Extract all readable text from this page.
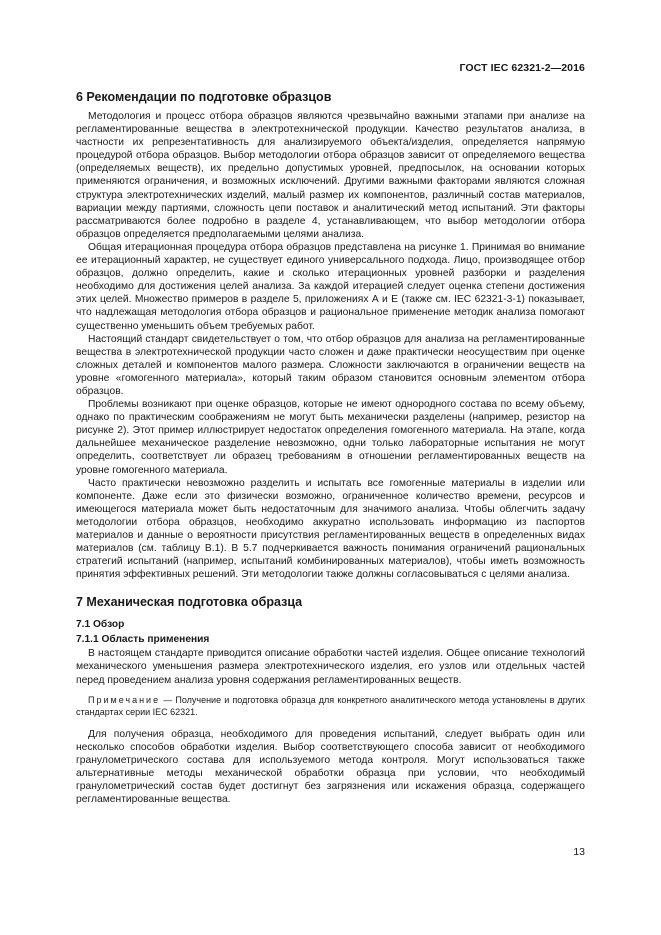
ГОСТ IEC 62321-2—2016
6 Рекомендации по подготовке образцов

Методология и процесс отбора образцов являются чрезвычайно важными этапами при анализе на регламентированные вещества в электротехнической продукции. Качество результатов анализа, в частности их репрезентативность для анализируемого объекта/изделия, определяется напрямую процедурой отбора образцов. Выбор методологии отбора образцов зависит от определяемого вещества (определяемых веществ), их предельно допустимых уровней, предпосылок, на основании которых применяются ограничения, и возможных исключений. Другими важными факторами являются сложная структура электротехнических изделий, малый размер их компонентов, различный состав материалов, вариации между партиями, сложность цепи поставок и аналитический метод испытаний. Эти факторы рассматриваются более подробно в разделе 4, устанавливающем, что выбор методологии отбора образцов определяется предполагаемыми целями анализа.

Общая итерационная процедура отбора образцов представлена на рисунке 1. Принимая во внимание ее итерационный характер, не существует единого универсального подхода. Лицо, производящее отбор образцов, должно определить, какие и сколько итерационных уровней разборки и разделения необходимо для достижения целей анализа. За каждой итерацией следует оценка степени достижения этих целей. Множество примеров в разделе 5, приложениях А и Е (также см. IEC 62321-3-1) показывает, что надлежащая методология отбора образцов и рациональное применение методик анализа помогают существенно уменьшить объем требуемых работ.

Настоящий стандарт свидетельствует о том, что отбор образцов для анализа на регламентированные вещества в электротехнической продукции часто сложен и даже практически неосуществим при оценке сложных деталей и компонентов малого размера. Сложности заключаются в ограничении веществ на уровне «гомогенного материала», который таким образом становится основным элементом отбора образцов.

Проблемы возникают при оценке образцов, которые не имеют однородного состава по всему объему, однако по практическим соображениям не могут быть механически разделены (например, резистор на рисунке 2). Этот пример иллюстрирует недостаток определения гомогенного материала. На этапе, когда дальнейшее механическое разделение невозможно, одни только лабораторные испытания не могут определить, соответствует ли образец требованиям в отношении регламентированных веществ на уровне гомогенного материала.

Часто практически невозможно разделить и испытать все гомогенные материалы в изделии или компоненте. Даже если это физически возможно, ограниченное количество времени, ресурсов и имеющегося материала может быть недостаточным для значимого анализа. Чтобы облегчить задачу методологии отбора образцов, необходимо аккуратно использовать информацию из паспортов материалов и данные о вероятности присутствия регламентированных веществ в определенных видах материалов (см. таблицу В.1). В 5.7 подчеркивается важность понимания ограничений рациональных стратегий испытаний (например, испытаний комбинированных материалов), чтобы иметь возможность принятия эффективных решений. Эти методологии также должны согласовываться с целями анализа.

7 Механическая подготовка образца
7.1 Обзор
7.1.1 Область применения

В настоящем стандарте приводится описание обработки частей изделия. Общее описание технологий механического уменьшения размера электротехнического изделия, его узлов или отдельных частей перед проведением анализа уровня содержания регламентированных веществ.

Примечание — Получение и подготовка образца для конкретного аналитического метода установлены в других стандартах серии IEC 62321.

Для получения образца, необходимого для проведения испытаний, следует выбрать один или несколько способов обработки изделия. Выбор соответствующего способа зависит от необходимого гранулометрического состава для используемого метода контроля. Могут использоваться также альтернативные методы механической обработки образца при условии, что необходимый гранулометрический состав будет достигнут без загрязнения или искажения образца, содержащего регламентированные вещества.

13
